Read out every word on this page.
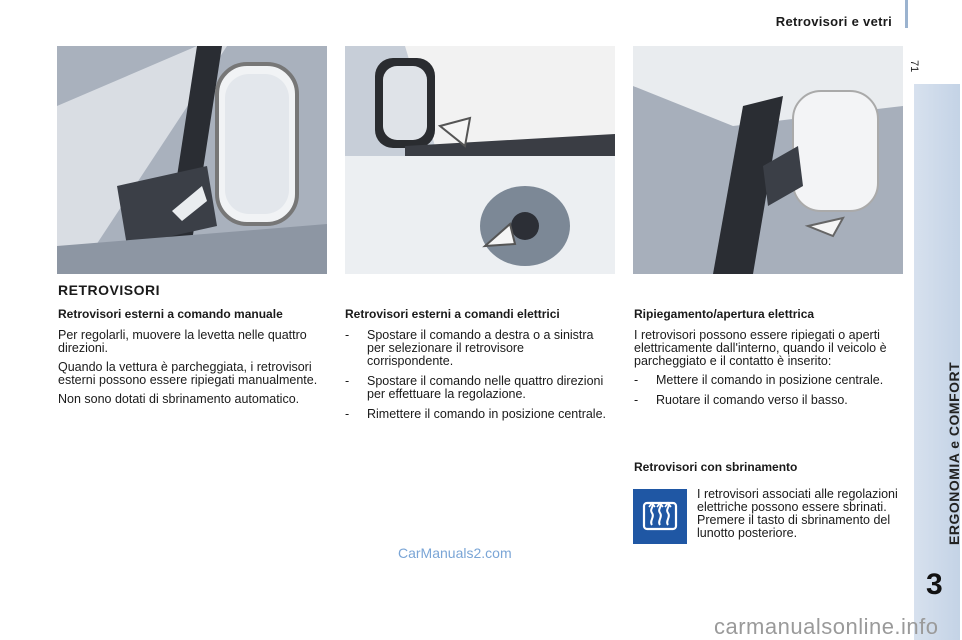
Retrovisori e vetri
71
ERGONOMIA e COMFORT
3
RETROVISORI
Retrovisori esterni a comando manuale

Per regolarli, muovere la levetta nelle quattro direzioni.

Quando la vettura è parcheggiata, i retrovisori esterni possono essere ripiegati manualmente.

Non sono dotati di sbrinamento automatico.

Retrovisori esterni a comandi elettrici
-	Spostare il comando a destra o a sinistra per selezionare il retrovisore corrispondente.
-	Spostare il comando nelle quattro direzioni per effettuare la regolazione.
-	Rimettere il comando in posizione centrale.
Ripiegamento/apertura elettrica

I retrovisori possono essere ripiegati o aperti elettricamente dall'interno, quando il veicolo è parcheggiato e il contatto è inserito:

-	Mettere il comando in posizione centrale.
-	Ruotare il comando verso il basso.
Retrovisori con sbrinamento

I retrovisori associati alle regolazioni elettriche possono essere sbrinati. Premere il tasto di sbrinamento del lunotto posteriore.

CarManuals2.com
carmanualsonline.info
